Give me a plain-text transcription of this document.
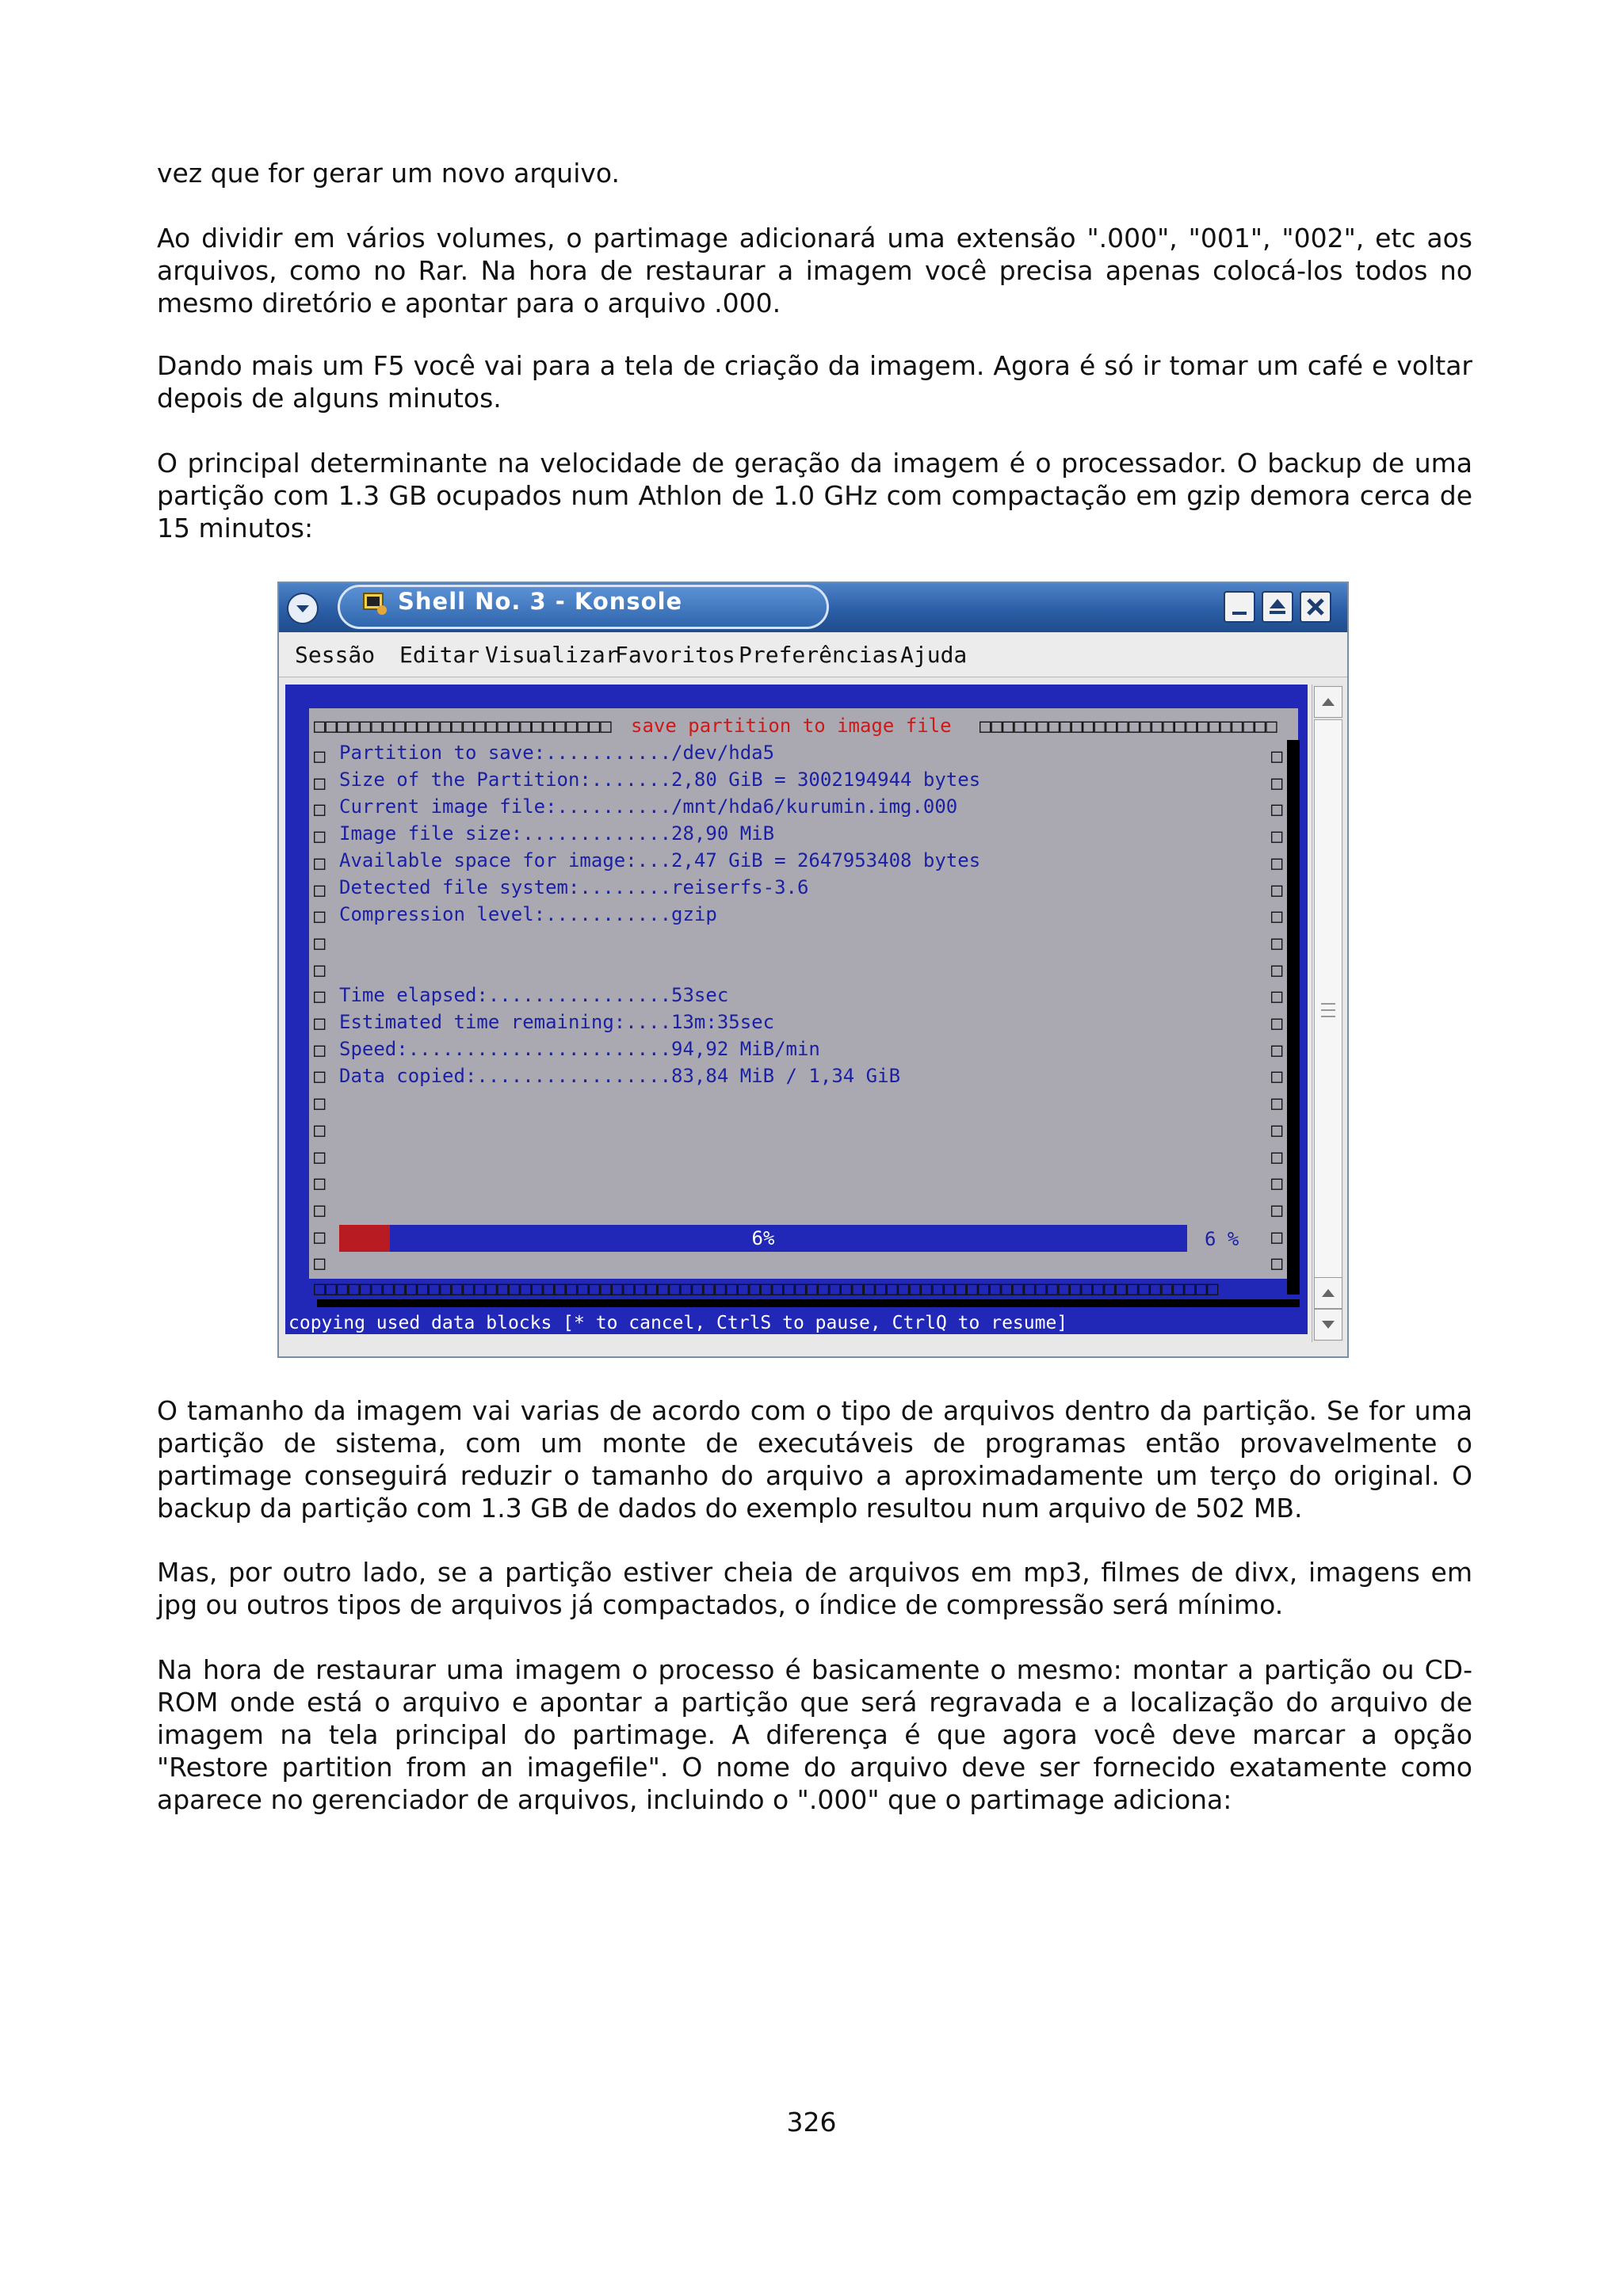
vez que for gerar um novo arquivo.

Ao dividir em vários volumes, o partimage adicionará uma extensão ".000", "001", "002", etc aos arquivos, como no Rar. Na hora de restaurar a imagem você precisa apenas colocá-los todos no mesmo diretório e apontar para o arquivo .000.

Dando mais um F5 você vai para a tela de criação da imagem. Agora é só ir tomar um café e voltar depois de alguns minutos.

O principal determinante na velocidade de geração da imagem é o processador. O backup de uma partição com 1.3 GB ocupados num Athlon de 1.0 GHz com compactação em gzip demora cerca de 15 minutos:

Shell No. 3 - Konsole
Sessão Editar Visualizar
Favoritos Preferências Ajuda
□□□□□□□□□□□□□□□□□□□□□□□□□□	save partition to image file □□□□□□□□□□□□□□□□□□□□□□□□□□
□
□
□
□
□
□
□
□
□
□
□
□
□
□
□
□
□
□
□
□
□
□
□
□
□
□
□
□
□
□
□
□
□
□
□
□
□
□
□
□
Partition to save:.........../dev/hda5
Size of the Partition:.......2,80 GiB = 3002194944 bytes
Current image file:........../mnt/hda6/kurumin.img.000
Image file size:.............28,90 MiB
Available space for image:...2,47 GiB = 2647953408 bytes
Detected file system:........reiserfs-3.6
Compression level:...........gzip
Time elapsed:................53sec
Estimated time remaining:....13m:35sec
Speed:.......................94,92 MiB/min
Data copied:.................83,84 MiB / 1,34 GiB
6%	6 %
□□□□□□□□□□□□□□□□□□□□□□□□□□□□□□□□□□□□□□□□□□□□□□□□□□□□□□□□□□□□□□□□□□□□□□□□□□□□□□□
copying used data blocks [* to cancel, CtrlS to pause, CtrlQ to resume]

O tamanho da imagem vai varias de acordo com o tipo de arquivos dentro da partição. Se for uma partição de sistema, com um monte de executáveis de programas então provavelmente o partimage conseguirá reduzir o tamanho do arquivo a aproximadamente um terço do original. O backup da partição com 1.3 GB de dados do exemplo resultou num arquivo de 502 MB.

Mas, por outro lado, se a partição estiver cheia de arquivos em mp3, filmes de divx, imagens em jpg ou outros tipos de arquivos já compactados, o índice de compressão será mínimo.

Na hora de restaurar uma imagem o processo é basicamente o mesmo: montar a partição ou CD-ROM onde está o arquivo e apontar a partição que será regravada e a localização do arquivo de imagem na tela principal do partimage. A diferença é que agora você deve marcar a opção "Restore partition from an imagefile". O nome do arquivo deve ser fornecido exatamente como aparece no gerenciador de arquivos, incluindo o ".000" que o partimage adiciona:

326
